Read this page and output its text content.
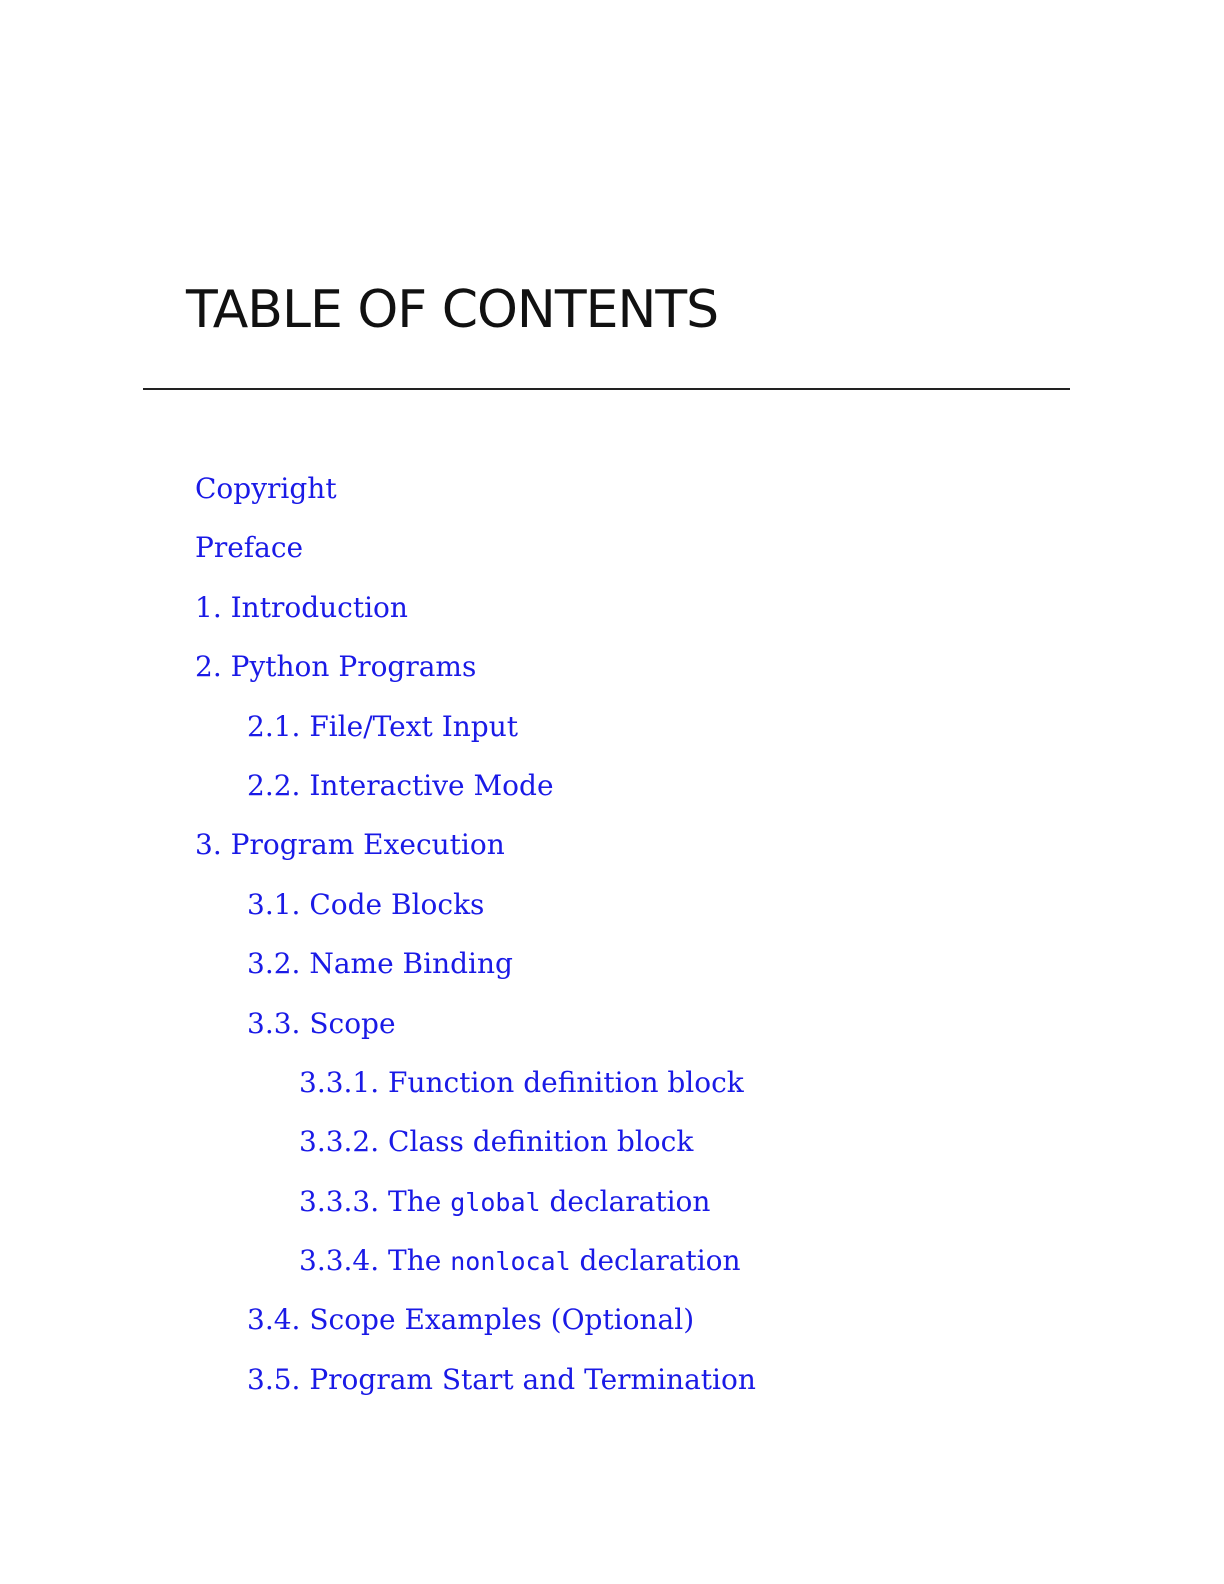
TABLE OF CONTENTS
Copyright
Preface
1. Introduction
2. Python Programs
2.1. File/Text Input
2.2. Interactive Mode
3. Program Execution
3.1. Code Blocks
3.2. Name Binding
3.3. Scope
3.3.1. Function definition block
3.3.2. Class definition block
3.3.3. The global declaration
3.3.4. The nonlocal declaration
3.4. Scope Examples (Optional)
3.5. Program Start and Termination
